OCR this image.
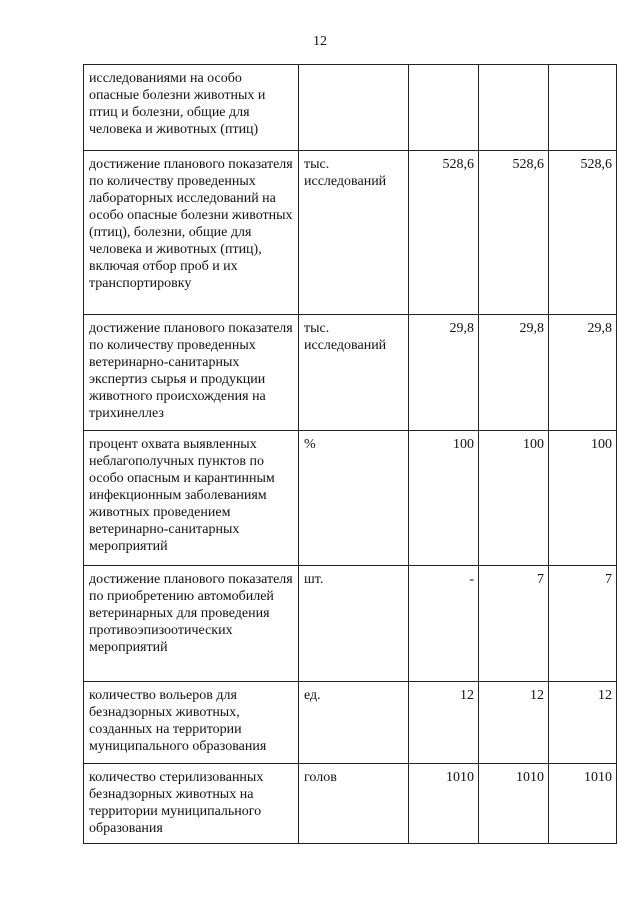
12
исследованиями на особо опасные болезни животных и птиц и болезни, общие для человека и животных (птиц)				
достижение планового показателя по количеству проведенных лабораторных исследований на особо опасные болезни животных (птиц), болезни, общие для человека и животных (птиц), включая отбор проб и их транспортировку	тыс. исследований	528,6	528,6	528,6
достижение планового показателя по количеству проведенных ветеринарно-санитарных экспертиз сырья и продукции животного происхождения на трихинеллез	тыс. исследований	29,8	29,8	29,8
процент охвата выявленных неблагополучных пунктов по особо опасным и карантинным инфекционным заболеваниям животных проведением ветеринарно-санитарных мероприятий	%	100	100	100
достижение планового показателя по приобретению автомобилей ветеринарных для проведения противоэпизоотических мероприятий	шт.	-	7	7
количество вольеров для безнадзорных животных, созданных на территории муниципального образования	ед.	12	12	12
количество стерилизованных безнадзорных животных на территории муниципального образования	голов	1010	1010	1010
